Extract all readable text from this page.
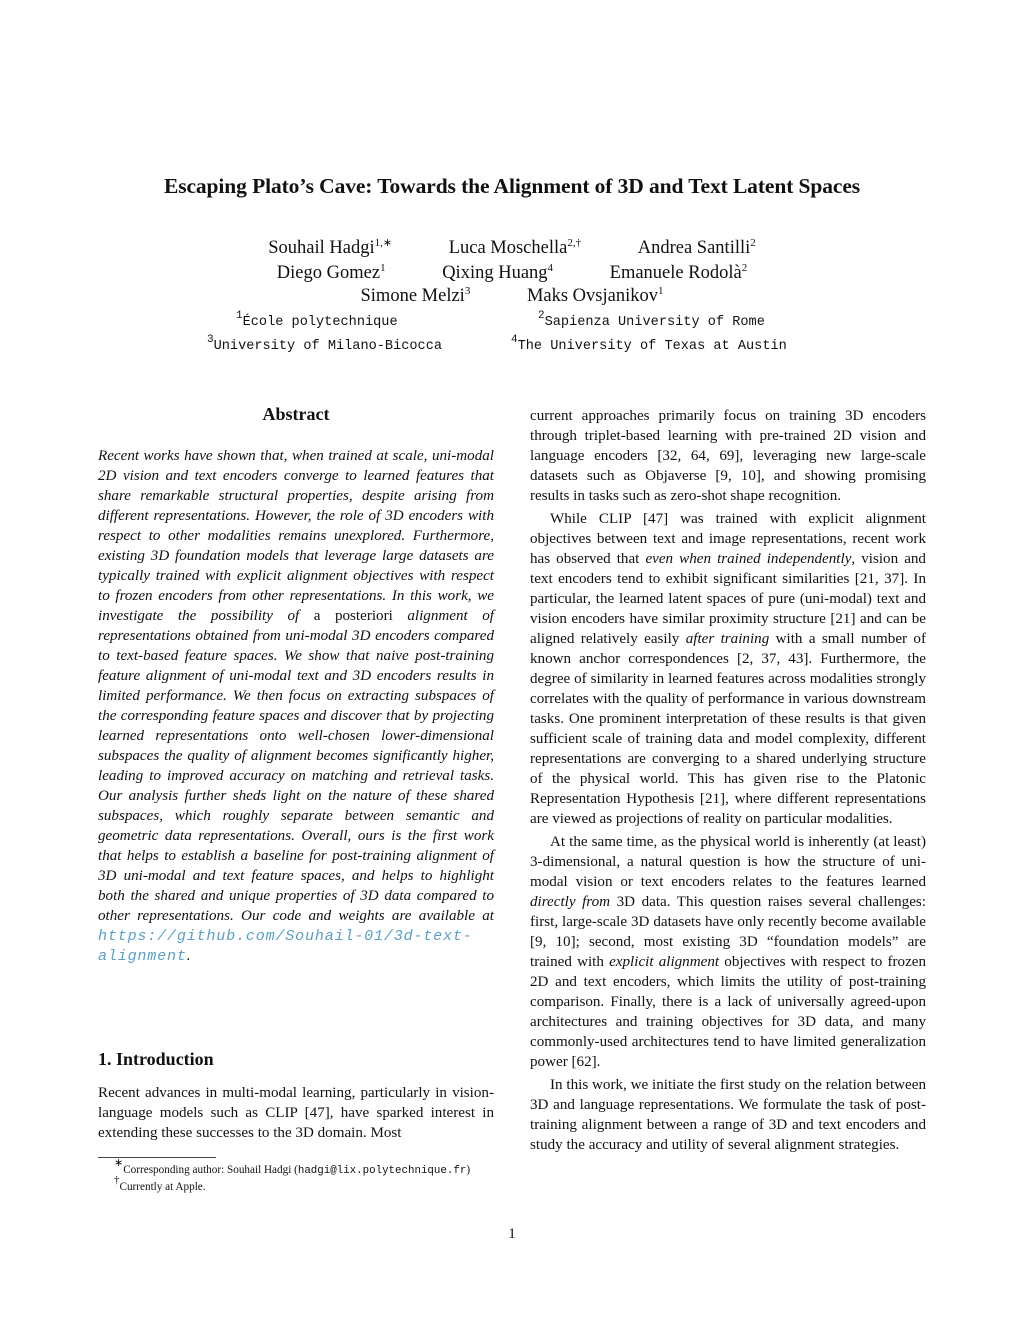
Escaping Plato’s Cave: Towards the Alignment of 3D and Text Latent Spaces
Souhail Hadgi$^{1,∗}$	Luca Moschella$^{2,\dagger}$	Andrea Santilli$^2$
Diego Gomez$^1$	Qixing Huang$^4$	Emanuele Rodolà$^2$
Simone Melzi$^3$	Maks Ovsjanikov$^1$
$^1$École polytechnique	$^2$Sapienza University of Rome
$^3$University of Milano-Bicocca	$^4$The University of Texas at Austin
Abstract

Recent works have shown that, when trained at scale, uni-modal 2D vision and text encoders converge to learned features that share remarkable structural properties, despite arising from different representations. However, the role of 3D encoders with respect to other modalities remains unexplored. Furthermore, existing 3D foundation models that leverage large datasets are typically trained with explicit alignment objectives with respect to frozen encoders from other representations. In this work, we investigate the possibility of a posteriori alignment of representations obtained from uni-modal 3D encoders compared to text-based feature spaces. We show that naive post-training feature alignment of uni-modal text and 3D encoders results in limited performance. We then focus on extracting subspaces of the corresponding feature spaces and discover that by projecting learned representations onto well-chosen lower-dimensional subspaces the quality of alignment becomes significantly higher, leading to improved accuracy on matching and retrieval tasks. Our analysis further sheds light on the nature of these shared subspaces, which roughly separate between semantic and geometric data representations. Overall, ours is the first work that helps to establish a baseline for post-training alignment of 3D uni-modal and text feature spaces, and helps to highlight both the shared and unique properties of 3D data compared to other representations. Our code and weights are available at https://github.com/Souhail-01/3d-text-alignment.

1. Introduction

Recent advances in multi-modal learning, particularly in vision-language models such as CLIP [47], have sparked interest in extending these successes to the 3D domain. Most

∗Corresponding author: Souhail Hadgi (hadgi@lix.polytechnique.fr)
†Currently at Apple.

current approaches primarily focus on training 3D encoders through triplet-based learning with pre-trained 2D vision and language encoders [32, 64, 69], leveraging new large-scale datasets such as Objaverse [9, 10], and showing promising results in tasks such as zero-shot shape recognition.

While CLIP [47] was trained with explicit alignment objectives between text and image representations, recent work has observed that even when trained independently, vision and text encoders tend to exhibit significant similarities [21, 37]. In particular, the learned latent spaces of pure (uni-modal) text and vision encoders have similar proximity structure [21] and can be aligned relatively easily after training with a small number of known anchor correspondences [2, 37, 43]. Furthermore, the degree of similarity in learned features across modalities strongly correlates with the quality of performance in various downstream tasks. One prominent interpretation of these results is that given sufficient scale of training data and model complexity, different representations are converging to a shared underlying structure of the physical world. This has given rise to the Platonic Representation Hypothesis [21], where different representations are viewed as projections of reality on particular modalities.

At the same time, as the physical world is inherently (at least) 3-dimensional, a natural question is how the structure of uni-modal vision or text encoders relates to the features learned directly from 3D data. This question raises several challenges: first, large-scale 3D datasets have only recently become available [9, 10]; second, most existing 3D “foundation models” are trained with explicit alignment objectives with respect to frozen 2D and text encoders, which limits the utility of post-training comparison. Finally, there is a lack of universally agreed-upon architectures and training objectives for 3D data, and many commonly-used architectures tend to have limited generalization power [62].

In this work, we initiate the first study on the relation between 3D and language representations. We formulate the task of post-training alignment between a range of 3D and text encoders and study the accuracy and utility of several alignment strategies.

1
